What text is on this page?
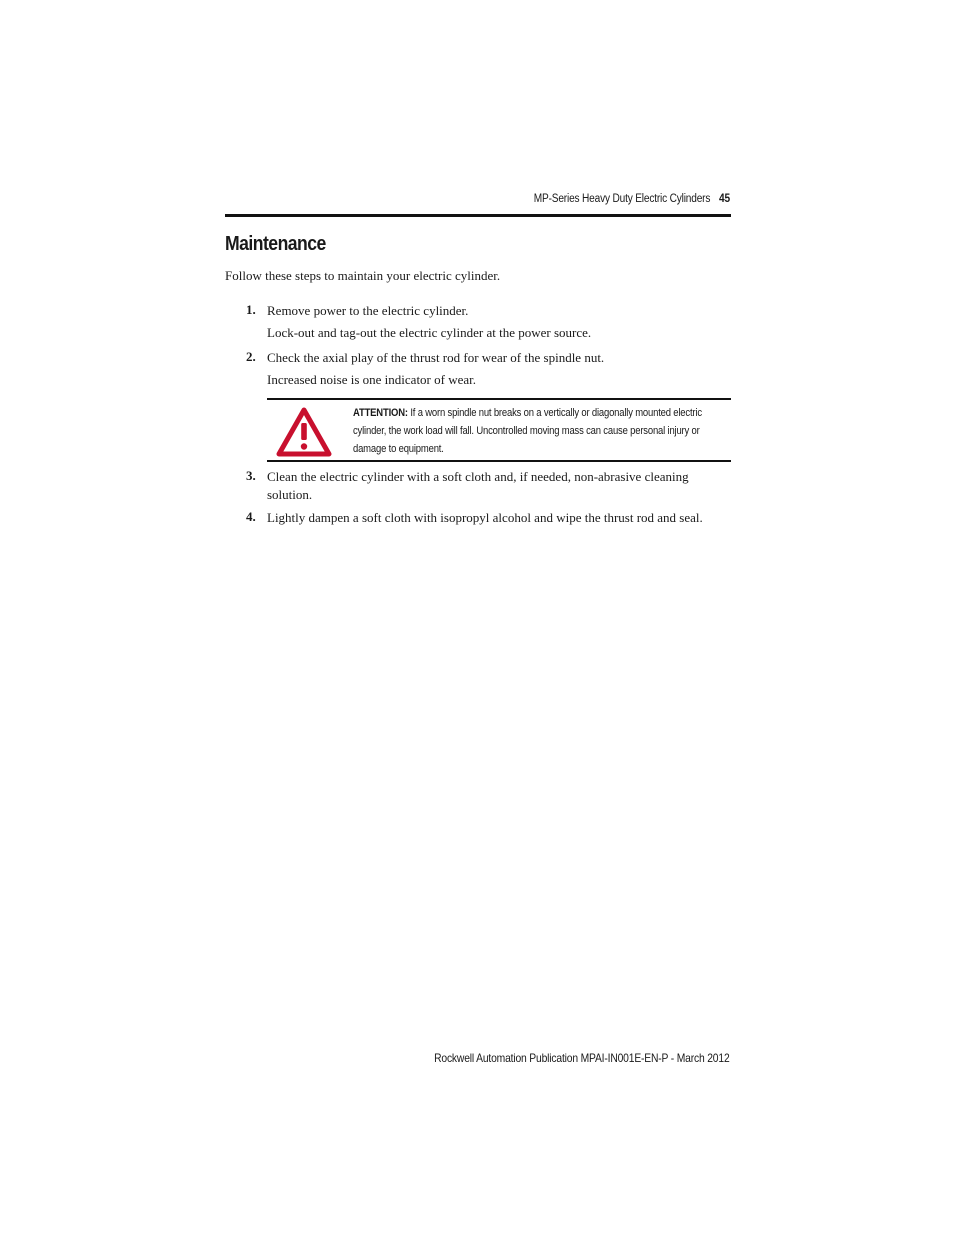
MP-Series Heavy Duty Electric Cylinders 45
Maintenance
Follow these steps to maintain your electric cylinder.
1. Remove power to the electric cylinder.
Lock-out and tag-out the electric cylinder at the power source.
2. Check the axial play of the thrust rod for wear of the spindle nut.
Increased noise is one indicator of wear.
ATTENTION: If a worn spindle nut breaks on a vertically or diagonally mounted electric cylinder, the work load will fall. Uncontrolled moving mass can cause personal injury or damage to equipment.
3. Clean the electric cylinder with a soft cloth and, if needed, non-abrasive cleaning solution.
4. Lightly dampen a soft cloth with isopropyl alcohol and wipe the thrust rod and seal.
Rockwell Automation Publication MPAI-IN001E-EN-P - March 2012
